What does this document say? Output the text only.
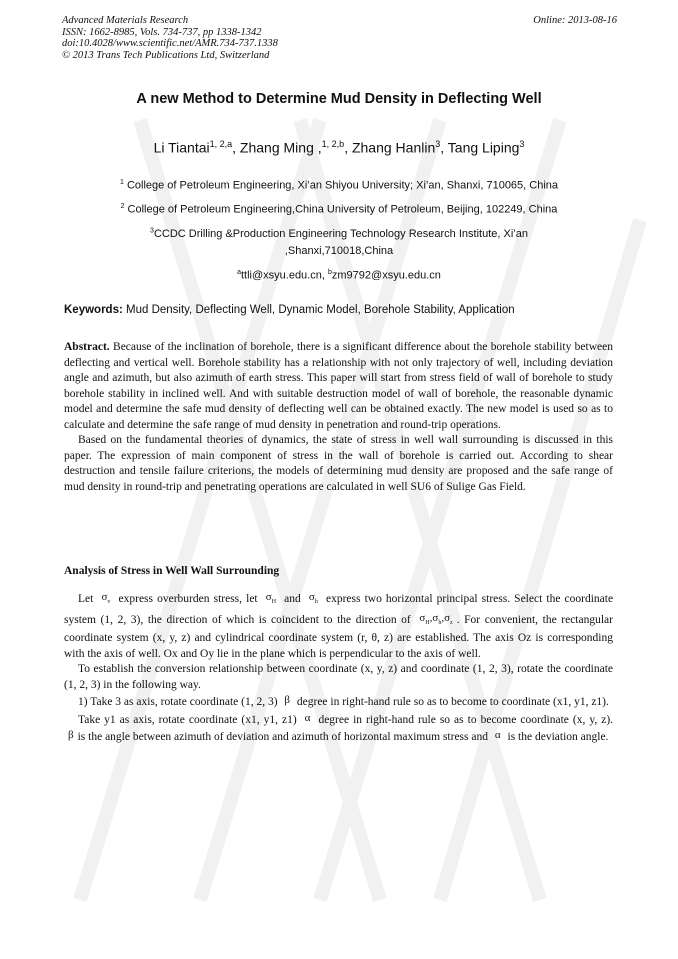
Advanced Materials Research
ISSN: 1662-8985, Vols. 734-737, pp 1338-1342
doi:10.4028/www.scientific.net/AMR.734-737.1338
© 2013 Trans Tech Publications Ltd, Switzerland
Online: 2013-08-16
A new Method to Determine Mud Density in Deflecting Well
Li Tiantai$^{1, 2,a}$, Zhang Ming ,$^{1, 2,b}$, Zhang Hanlin$^3$, Tang Liping$^3$
$^1$ College of Petroleum Engineering, Xi’an Shiyou University; Xi’an, Shanxi, 710065, China
$^2$ College of Petroleum Engineering,China University of Petroleum, Beijing, 102249, China
$^3$CCDC Drilling &Production Engineering Technology Research Institute, Xi’an
,Shanxi,710018,China
$^a$ttli@xsyu.edu.cn, $^b$zm9792@xsyu.edu.cn
Keywords: Mud Density, Deflecting Well, Dynamic Model, Borehole Stability, Application

Abstract. Because of the inclination of borehole, there is a significant difference about the borehole stability between deflecting and vertical well. Borehole stability has a relationship with not only trajectory of well, including deviation angle and azimuth, but also azimuth of earth stress. This paper will start from stress field of wall of borehole to study borehole stability in inclined well. And with suitable destruction model of wall of borehole, the reasonable dynamic model and determine the safe mud density of deflecting well can be obtained exactly. The new model is used so as to calculate and determine the safe range of mud density in penetration and round-trip operations.

Based on the fundamental theories of dynamics, the state of stress in well wall surrounding is discussed in this paper. The expression of main component of stress in the wall of borehole is carried out. According to shear destruction and tensile failure criterions, the models of determining mud density are proposed and the safe range of mud density in round-trip and penetrating operations are calculated in well SU6 of Sulige Gas Field.

Analysis of Stress in Well Wall Surrounding

Let $\sigma_v$ express overburden stress, let $\sigma_H$ and $\sigma_h$ express two horizontal principal stress. Select the coordinate system (1, 2, 3), the direction of which is coincident to the direction of $\sigma_H,\sigma_h,\sigma_z$ . For convenient, the rectangular coordinate system (x, y, z) and cylindrical coordinate system (r, θ, z) are established. The axis Oz is corresponding with the axis of well. Ox and Oy lie in the plane which is perpendicular to the axis of well.

To establish the conversion relationship between coordinate (x, y, z) and coordinate (1, 2, 3), rotate the coordinate (1, 2, 3) in the following way.

1) Take 3 as axis, rotate coordinate (1, 2, 3) β degree in right-hand rule so as to become to coordinate (x1, y1, z1).

Take y1 as axis, rotate coordinate (x1, y1, z1) α degree in right-hand rule so as to become coordinate (x, y, z). β is the angle between azimuth of deviation and azimuth of horizontal maximum stress and α is the deviation angle.
